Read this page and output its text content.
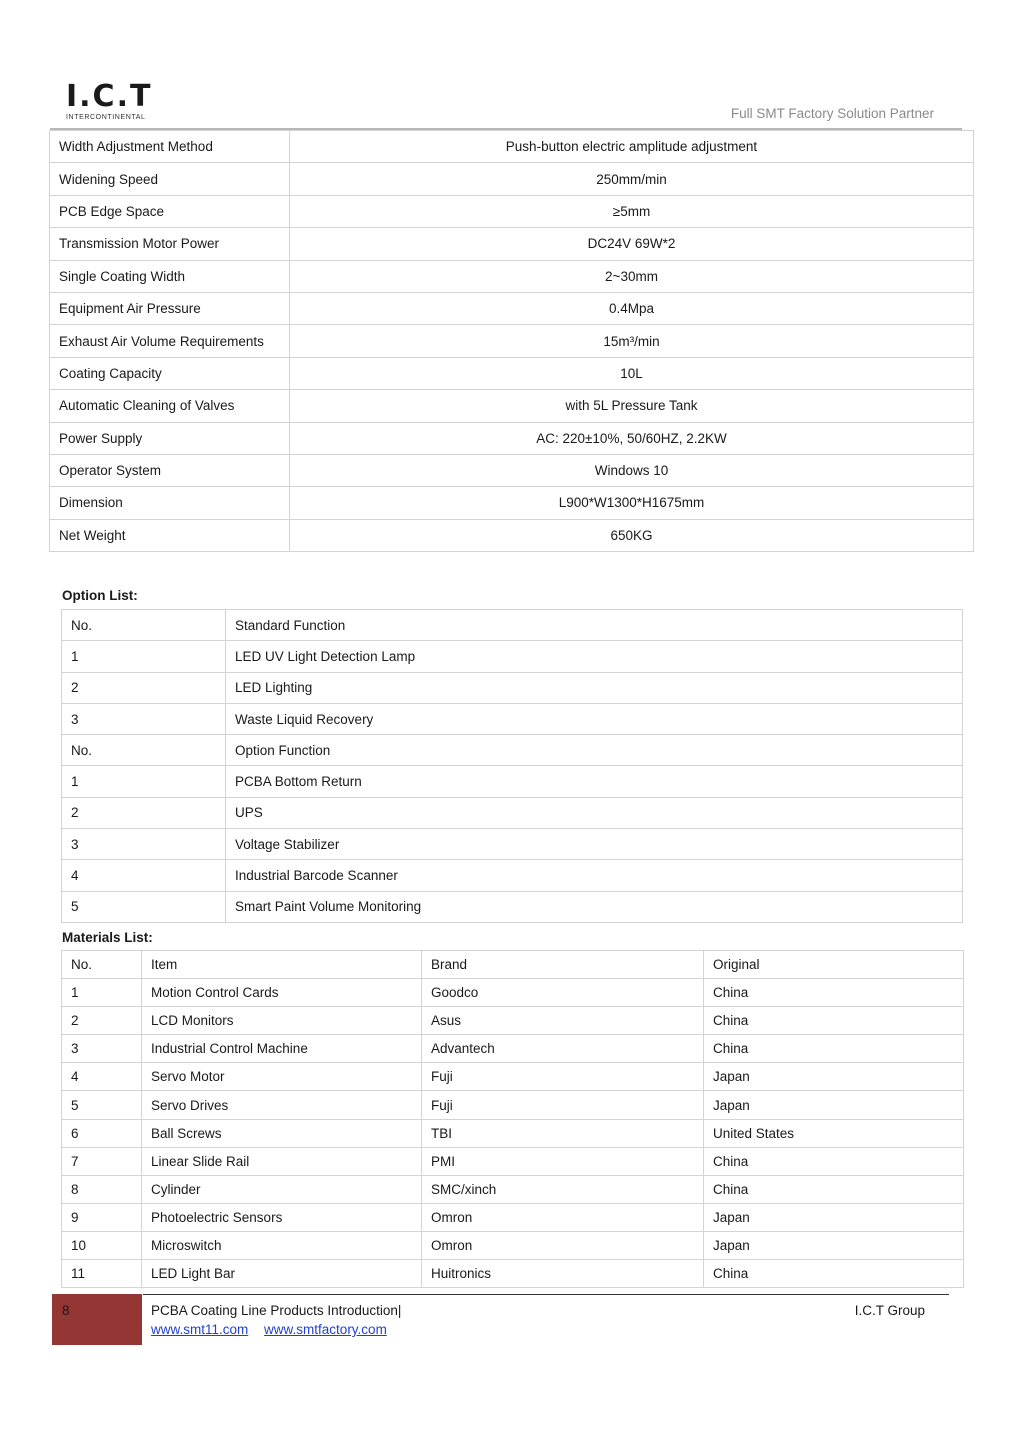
I.C.T
INTERCONTINENTAL	Full SMT Factory Solution Partner
Width Adjustment Method	Push-button electric amplitude adjustment
Widening Speed	250mm/min
PCB Edge Space	≥5mm
Transmission Motor Power	DC24V 69W*2
Single Coating Width	2~30mm
Equipment Air Pressure	0.4Mpa
Exhaust Air Volume Requirements	15m³/min
Coating Capacity	10L
Automatic Cleaning of Valves	with 5L Pressure Tank
Power Supply	AC: 220±10%, 50/60HZ, 2.2KW
Operator System	Windows 10
Dimension	L900*W1300*H1675mm
Net Weight	650KG
Option List:
No.	Standard Function
1	LED UV Light Detection Lamp
2	LED Lighting
3	Waste Liquid Recovery
No.	Option Function
1	PCBA Bottom Return
2	UPS
3	Voltage Stabilizer
4	Industrial Barcode Scanner
5	Smart Paint Volume Monitoring
Materials List:
No.	Item	Brand	Original
1	Motion Control Cards	Goodco	China
2	LCD Monitors	Asus	China
3	Industrial Control Machine	Advantech	China
4	Servo Motor	Fuji	Japan
5	Servo Drives	Fuji	Japan
6	Ball Screws	TBI	United States
7	Linear Slide Rail	PMI	China
8	Cylinder	SMC/xinch	China
9	Photoelectric Sensors	Omron	Japan
10	Microswitch	Omron	Japan
11	LED Light Bar	Huitronics	China
8	PCBA Coating Line Products Introduction|	I.C.T Group
www.smt11.com www.smtfactory.com
